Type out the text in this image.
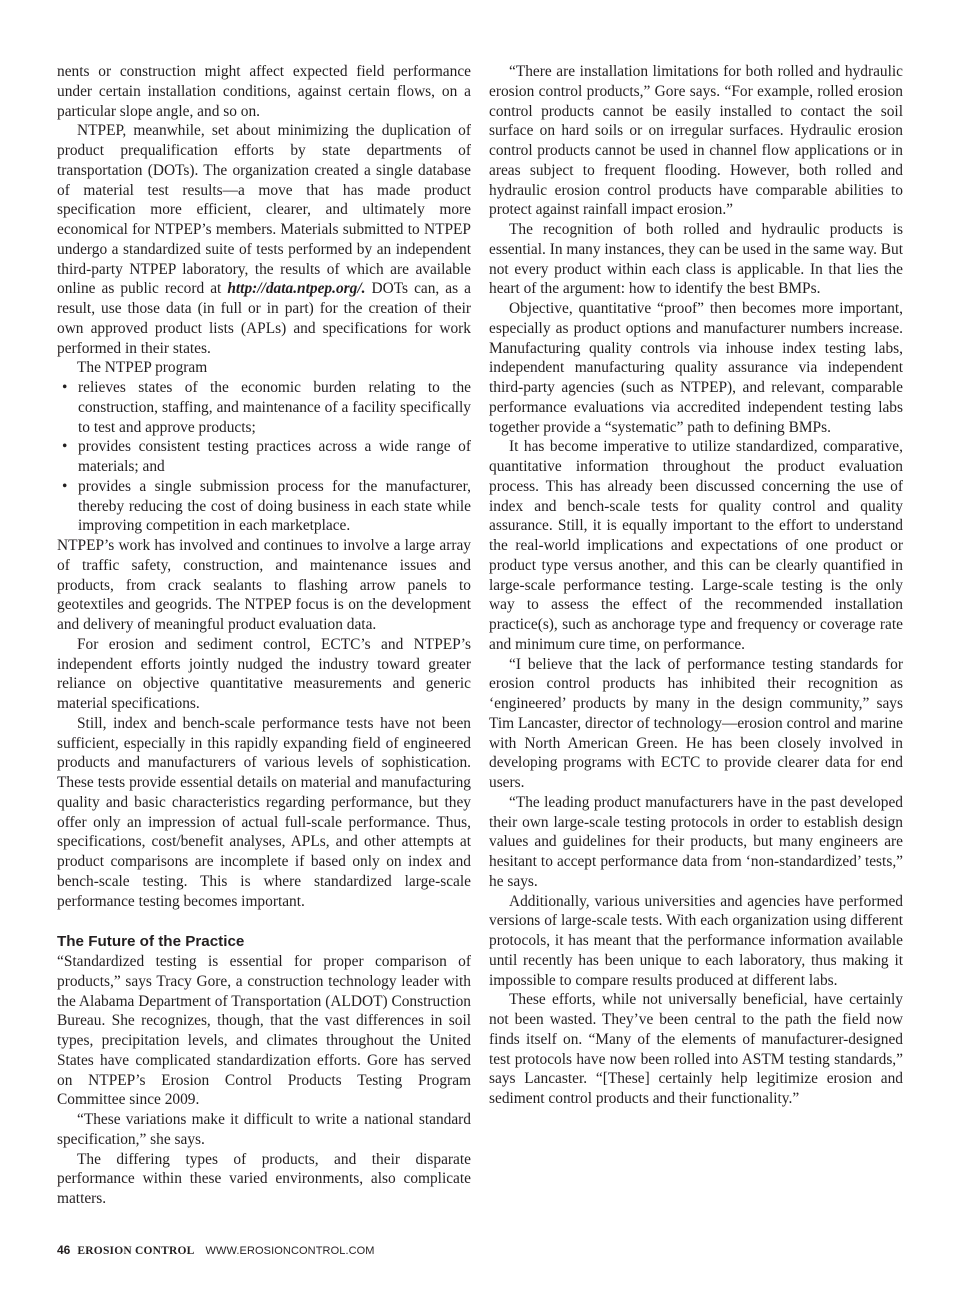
nents or construction might affect expected field performance under certain installation conditions, against certain flows, on a particular slope angle, and so on.

NTPEP, meanwhile, set about minimizing the duplication of product prequalification efforts by state departments of transportation (DOTs). The organization created a single database of material test results—a move that has made product specification more efficient, clearer, and ultimately more economical for NTPEP’s members. Materials submitted to NTPEP undergo a standardized suite of tests performed by an independent third-party NTPEP laboratory, the results of which are available online as public record at http://data.ntpep.org/. DOTs can, as a result, use those data (in full or in part) for the creation of their own approved product lists (APLs) and specifications for work performed in their states.

The NTPEP program

• relieves states of the economic burden relating to the construction, staffing, and maintenance of a facility specifically to test and approve products;
• provides consistent testing practices across a wide range of materials; and
• provides a single submission process for the manufacturer, thereby reducing the cost of doing business in each state while improving competition in each marketplace.

NTPEP’s work has involved and continues to involve a large array of traffic safety, construction, and maintenance issues and products, from crack sealants to flashing arrow panels to geotextiles and geogrids. The NTPEP focus is on the development and delivery of meaningful product evaluation data.

For erosion and sediment control, ECTC’s and NTPEP’s independent efforts jointly nudged the industry toward greater reliance on objective quantitative measurements and generic material specifications.

Still, index and bench-scale performance tests have not been sufficient, especially in this rapidly expanding field of engineered products and manufacturers of various levels of sophistication. These tests provide essential details on material and manufacturing quality and basic characteristics regarding performance, but they offer only an impression of actual full-scale performance. Thus, specifications, cost/benefit analyses, APLs, and other attempts at product comparisons are incomplete if based only on index and bench-scale testing. This is where standardized large-scale performance testing becomes important.

The Future of the Practice

“Standardized testing is essential for proper comparison of products,” says Tracy Gore, a construction technology leader with the Alabama Department of Transportation (ALDOT) Construction Bureau. She recognizes, though, that the vast differences in soil types, precipitation levels, and climates throughout the United States have complicated standardization efforts. Gore has served on NTPEP’s Erosion Control Products Testing Program Committee since 2009.

“These variations make it difficult to write a national standard specification,” she says.

The differing types of products, and their disparate performance within these varied environments, also complicate matters.

“There are installation limitations for both rolled and hydraulic erosion control products,” Gore says. “For example, rolled erosion control products cannot be easily installed to contact the soil surface on hard soils or on irregular surfaces. Hydraulic erosion control products cannot be used in channel flow applications or in areas subject to frequent flooding. However, both rolled and hydraulic erosion control products have comparable abilities to protect against rainfall impact erosion.”

The recognition of both rolled and hydraulic products is essential. In many instances, they can be used in the same way. But not every product within each class is applicable. In that lies the heart of the argument: how to identify the best BMPs.

Objective, quantitative “proof” then becomes more important, especially as product options and manufacturer numbers increase. Manufacturing quality controls via inhouse index testing labs, independent manufacturing quality assurance via independent third-party agencies (such as NTPEP), and relevant, comparable performance evaluations via accredited independent testing labs together provide a “systematic” path to defining BMPs.

It has become imperative to utilize standardized, comparative, quantitative information throughout the product evaluation process. This has already been discussed concerning the use of index and bench-scale tests for quality control and quality assurance. Still, it is equally important to the effort to understand the real-world implications and expectations of one product or product type versus another, and this can be clearly quantified in large-scale performance testing. Large-scale testing is the only way to assess the effect of the recommended installation practice(s), such as anchorage type and frequency or coverage rate and minimum cure time, on performance.

“I believe that the lack of performance testing standards for erosion control products has inhibited their recognition as ‘engineered’ products by many in the design community,” says Tim Lancaster, director of technology—erosion control and marine with North American Green. He has been closely involved in developing programs with ECTC to provide clearer data for end users.

“The leading product manufacturers have in the past developed their own large-scale testing protocols in order to establish design values and guidelines for their products, but many engineers are hesitant to accept performance data from ‘non-standardized’ tests,” he says.

Additionally, various universities and agencies have performed versions of large-scale tests. With each organization using different protocols, it has meant that the performance information available until recently has been unique to each laboratory, thus making it impossible to compare results produced at different labs.

These efforts, while not universally beneficial, have certainly not been wasted. They’ve been central to the path the field now finds itself on. “Many of the elements of manufacturer-designed test protocols have now been rolled into ASTM testing standards,” says Lancaster. “[These] certainly help legitimize erosion and sediment control products and their functionality.”

46 EROSION CONTROL WWW.EROSIONCONTROL.COM
